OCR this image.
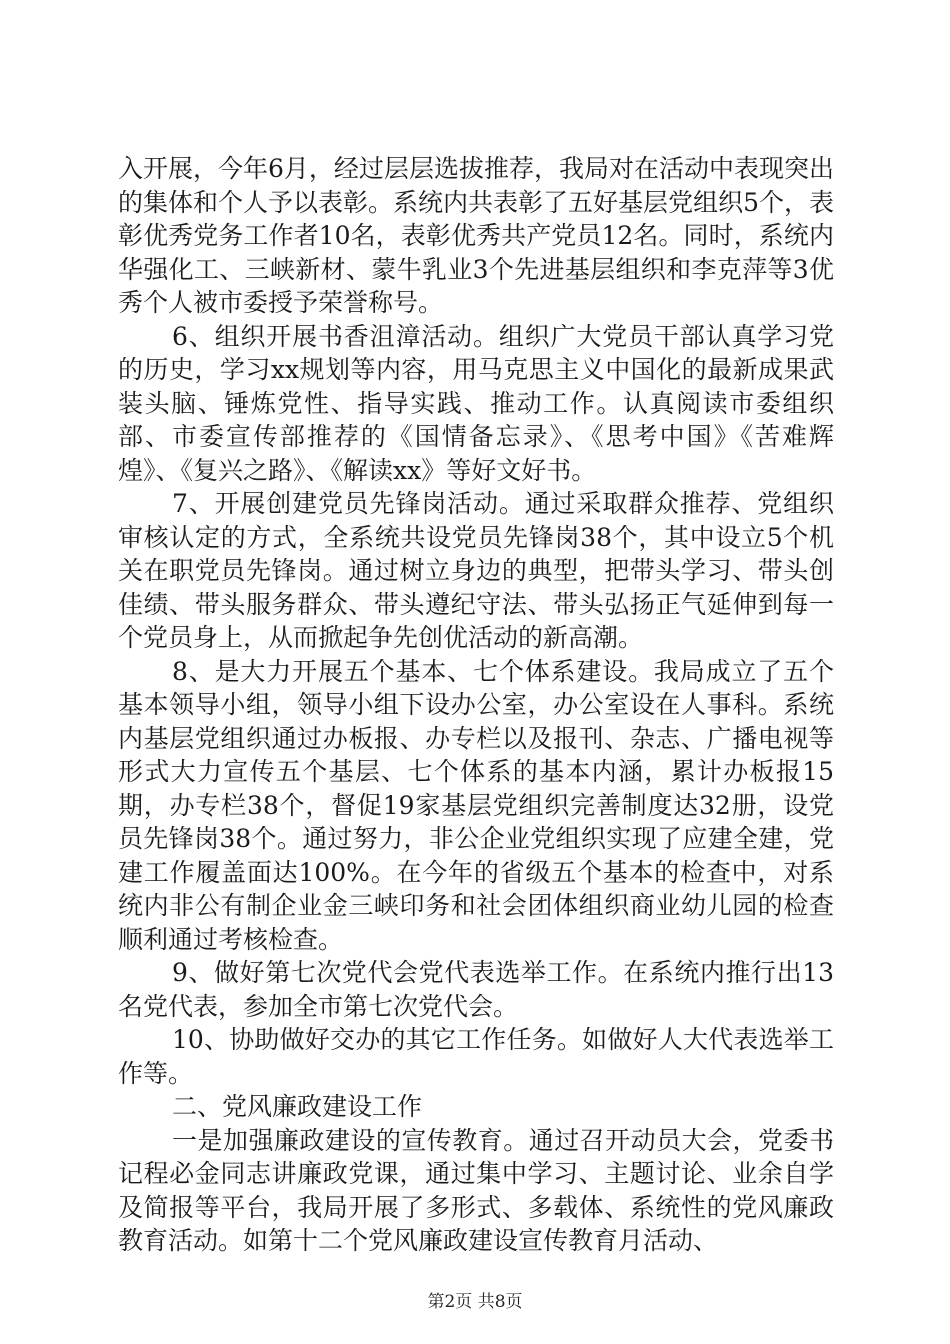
入开展，今年6月，经过层层选拔推荐，我局对在活动中表现突出的集体和个人予以表彰。系统内共表彰了五好基层党组织5个，表彰优秀党务工作者10名，表彰优秀共产党员12名。同时，系统内华强化工、三峡新材、蒙牛乳业3个先进基层组织和李克萍等3优秀个人被市委授予荣誉称号。

6、组织开展书香沮漳活动。组织广大党员干部认真学习党的历史，学习xx规划等内容，用马克思主义中国化的最新成果武装头脑、锤炼党性、指导实践、推动工作。认真阅读市委组织部、市委宣传部推荐的《国情备忘录》、《思考中国》《苦难辉煌》、《复兴之路》、《解读xx》等好文好书。

7、开展创建党员先锋岗活动。通过采取群众推荐、党组织审核认定的方式，全系统共设党员先锋岗38个，其中设立5个机关在职党员先锋岗。通过树立身边的典型，把带头学习、带头创佳绩、带头服务群众、带头遵纪守法、带头弘扬正气延伸到每一个党员身上，从而掀起争先创优活动的新高潮。

8、是大力开展五个基本、七个体系建设。我局成立了五个基本领导小组，领导小组下设办公室，办公室设在人事科。系统内基层党组织通过办板报、办专栏以及报刊、杂志、广播电视等形式大力宣传五个基层、七个体系的基本内涵，累计办板报15期，办专栏38个，督促19家基层党组织完善制度达32册，设党员先锋岗38个。通过努力，非公企业党组织实现了应建全建，党建工作履盖面达100%。在今年的省级五个基本的检查中，对系统内非公有制企业金三峡印务和社会团体组织商业幼儿园的检查顺利通过考核检查。

9、做好第七次党代会党代表选举工作。在系统内推行出13名党代表，参加全市第七次党代会。

10、协助做好交办的其它工作任务。如做好人大代表选举工作等。

二、党风廉政建设工作

一是加强廉政建设的宣传教育。通过召开动员大会，党委书记程必金同志讲廉政党课，通过集中学习、主题讨论、业余自学及简报等平台，我局开展了多形式、多载体、系统性的党风廉政教育活动。如第十二个党风廉政建设宣传教育月活动、

第2页 共8页
